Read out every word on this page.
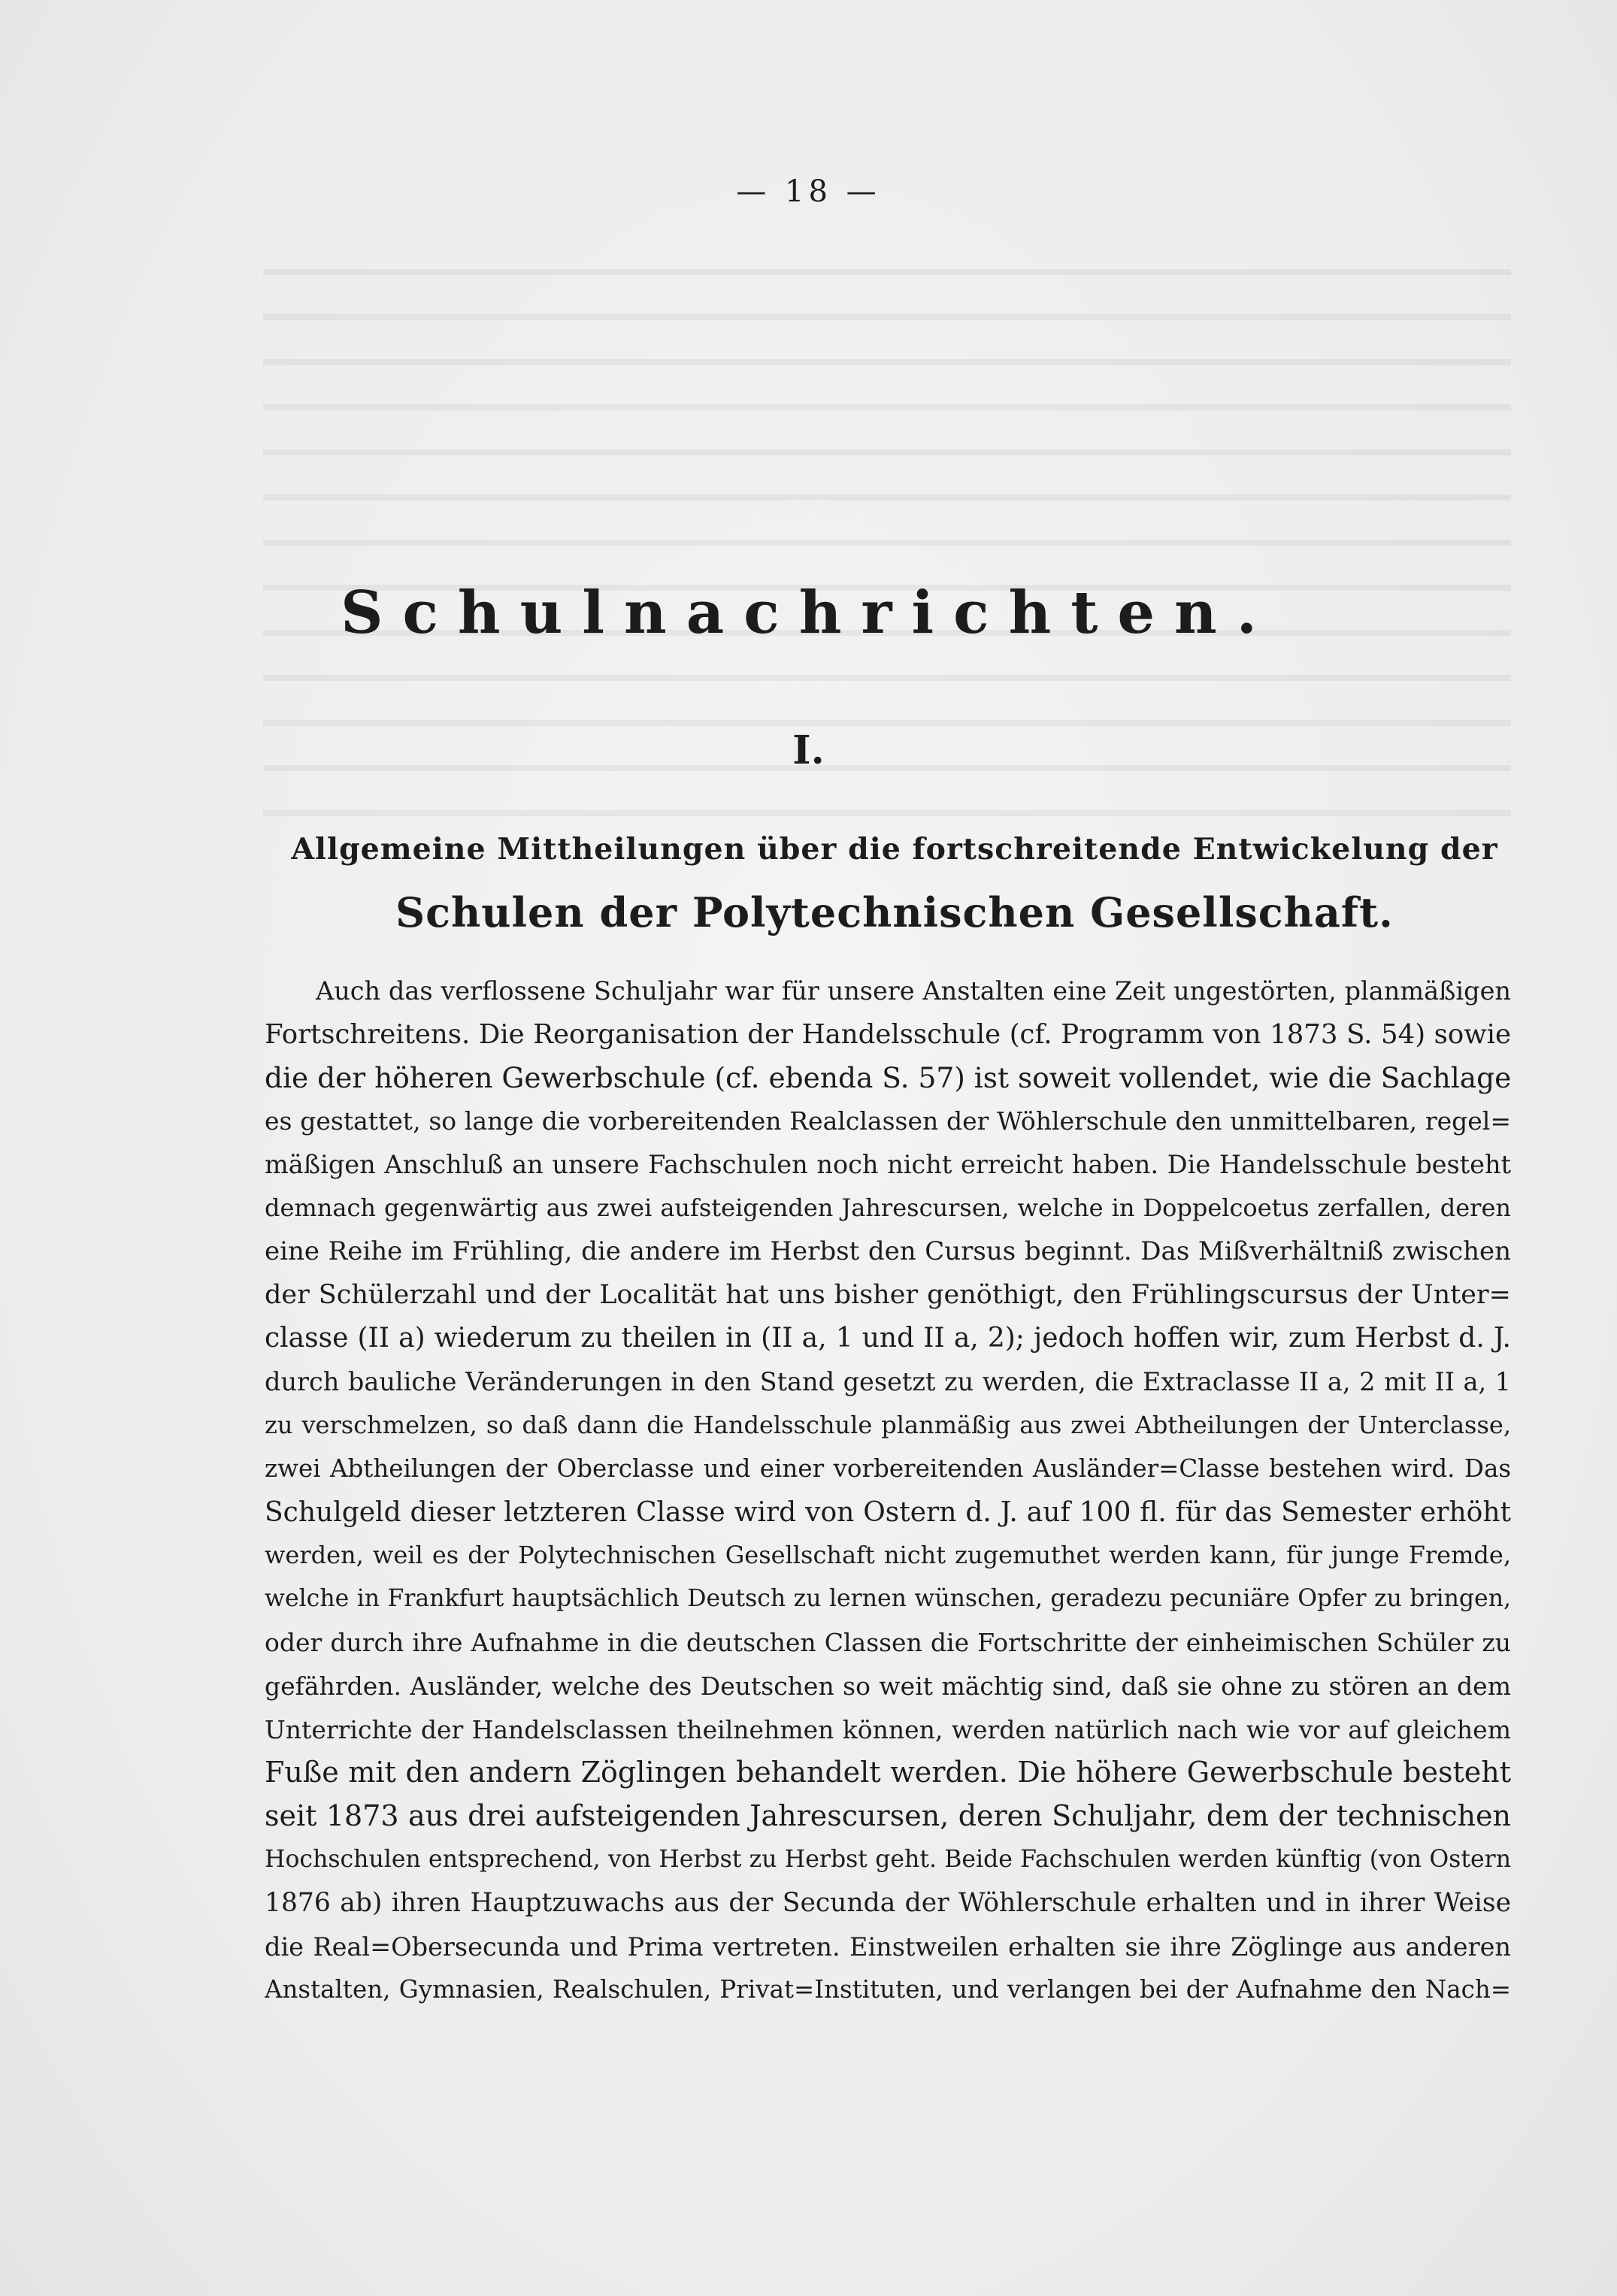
— 18 —
Schulnachrichten.
I.
Allgemeine Mittheilungen über die fortschreitende Entwickelung der
Schulen der Polytechnischen Gesellschaft.
Auch das verflossene Schuljahr war für unsere Anstalten eine Zeit ungestörten, planmäßigen
Fortschreitens. Die Reorganisation der Handelsschule (cf. Programm von 1873 S. 54) sowie
die der höheren Gewerbschule (cf. ebenda S. 57) ist soweit vollendet, wie die Sachlage
es gestattet, so lange die vorbereitenden Realclassen der Wöhlerschule den unmittelbaren, regel=
mäßigen Anschluß an unsere Fachschulen noch nicht erreicht haben. Die Handelsschule besteht
demnach gegenwärtig aus zwei aufsteigenden Jahrescursen, welche in Doppelcoetus zerfallen, deren
eine Reihe im Frühling, die andere im Herbst den Cursus beginnt. Das Mißverhältniß zwischen
der Schülerzahl und der Localität hat uns bisher genöthigt, den Frühlingscursus der Unter=
classe (II a) wiederum zu theilen in (II a, 1 und II a, 2); jedoch hoffen wir, zum Herbst d. J.
durch bauliche Veränderungen in den Stand gesetzt zu werden, die Extraclasse II a, 2 mit II a, 1
zu verschmelzen, so daß dann die Handelsschule planmäßig aus zwei Abtheilungen der Unterclasse,
zwei Abtheilungen der Oberclasse und einer vorbereitenden Ausländer=Classe bestehen wird. Das
Schulgeld dieser letzteren Classe wird von Ostern d. J. auf 100 fl. für das Semester erhöht
werden, weil es der Polytechnischen Gesellschaft nicht zugemuthet werden kann, für junge Fremde,
welche in Frankfurt hauptsächlich Deutsch zu lernen wünschen, geradezu pecuniäre Opfer zu bringen,
oder durch ihre Aufnahme in die deutschen Classen die Fortschritte der einheimischen Schüler zu
gefährden. Ausländer, welche des Deutschen so weit mächtig sind, daß sie ohne zu stören an dem
Unterrichte der Handelsclassen theilnehmen können, werden natürlich nach wie vor auf gleichem
Fuße mit den andern Zöglingen behandelt werden. Die höhere Gewerbschule besteht
seit 1873 aus drei aufsteigenden Jahrescursen, deren Schuljahr, dem der technischen
Hochschulen entsprechend, von Herbst zu Herbst geht. Beide Fachschulen werden künftig (von Ostern
1876 ab) ihren Hauptzuwachs aus der Secunda der Wöhlerschule erhalten und in ihrer Weise
die Real=Obersecunda und Prima vertreten. Einstweilen erhalten sie ihre Zöglinge aus anderen
Anstalten, Gymnasien, Realschulen, Privat=Instituten, und verlangen bei der Aufnahme den Nach=
